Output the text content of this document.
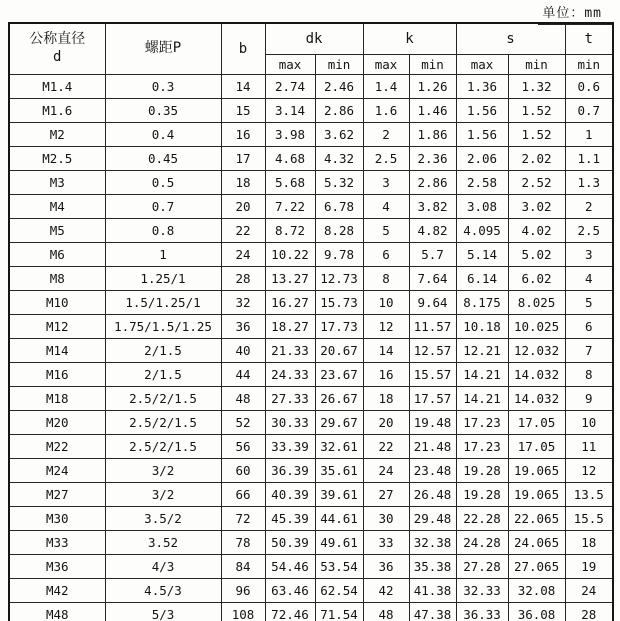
单位：mm
公称直径
d	螺距P	b	dk		k		s		t
			max	min	max	min	max	min	min
M1.4	0.3	14	2.74	2.46	1.4	1.26	1.36	1.32	0.6
M1.6	0.35	15	3.14	2.86	1.6	1.46	1.56	1.52	0.7
M2	0.4	16	3.98	3.62	2	1.86	1.56	1.52	1
M2.5	0.45	17	4.68	4.32	2.5	2.36	2.06	2.02	1.1
M3	0.5	18	5.68	5.32	3	2.86	2.58	2.52	1.3
M4	0.7	20	7.22	6.78	4	3.82	3.08	3.02	2
M5	0.8	22	8.72	8.28	5	4.82	4.095	4.02	2.5
M6	1	24	10.22	9.78	6	5.7	5.14	5.02	3
M8	1.25/1	28	13.27	12.73	8	7.64	6.14	6.02	4
M10	1.5/1.25/1	32	16.27	15.73	10	9.64	8.175	8.025	5
M12	1.75/1.5/1.25	36	18.27	17.73	12	11.57	10.18	10.025	6
M14	2/1.5	40	21.33	20.67	14	12.57	12.21	12.032	7
M16	2/1.5	44	24.33	23.67	16	15.57	14.21	14.032	8
M18	2.5/2/1.5	48	27.33	26.67	18	17.57	14.21	14.032	9
M20	2.5/2/1.5	52	30.33	29.67	20	19.48	17.23	17.05	10
M22	2.5/2/1.5	56	33.39	32.61	22	21.48	17.23	17.05	11
M24	3/2	60	36.39	35.61	24	23.48	19.28	19.065	12
M27	3/2	66	40.39	39.61	27	26.48	19.28	19.065	13.5
M30	3.5/2	72	45.39	44.61	30	29.48	22.28	22.065	15.5
M33	3.52	78	50.39	49.61	33	32.38	24.28	24.065	18
M36	4/3	84	54.46	53.54	36	35.38	27.28	27.065	19
M42	4.5/3	96	63.46	62.54	42	41.38	32.33	32.08	24
M48	5/3	108	72.46	71.54	48	47.38	36.33	36.08	28
